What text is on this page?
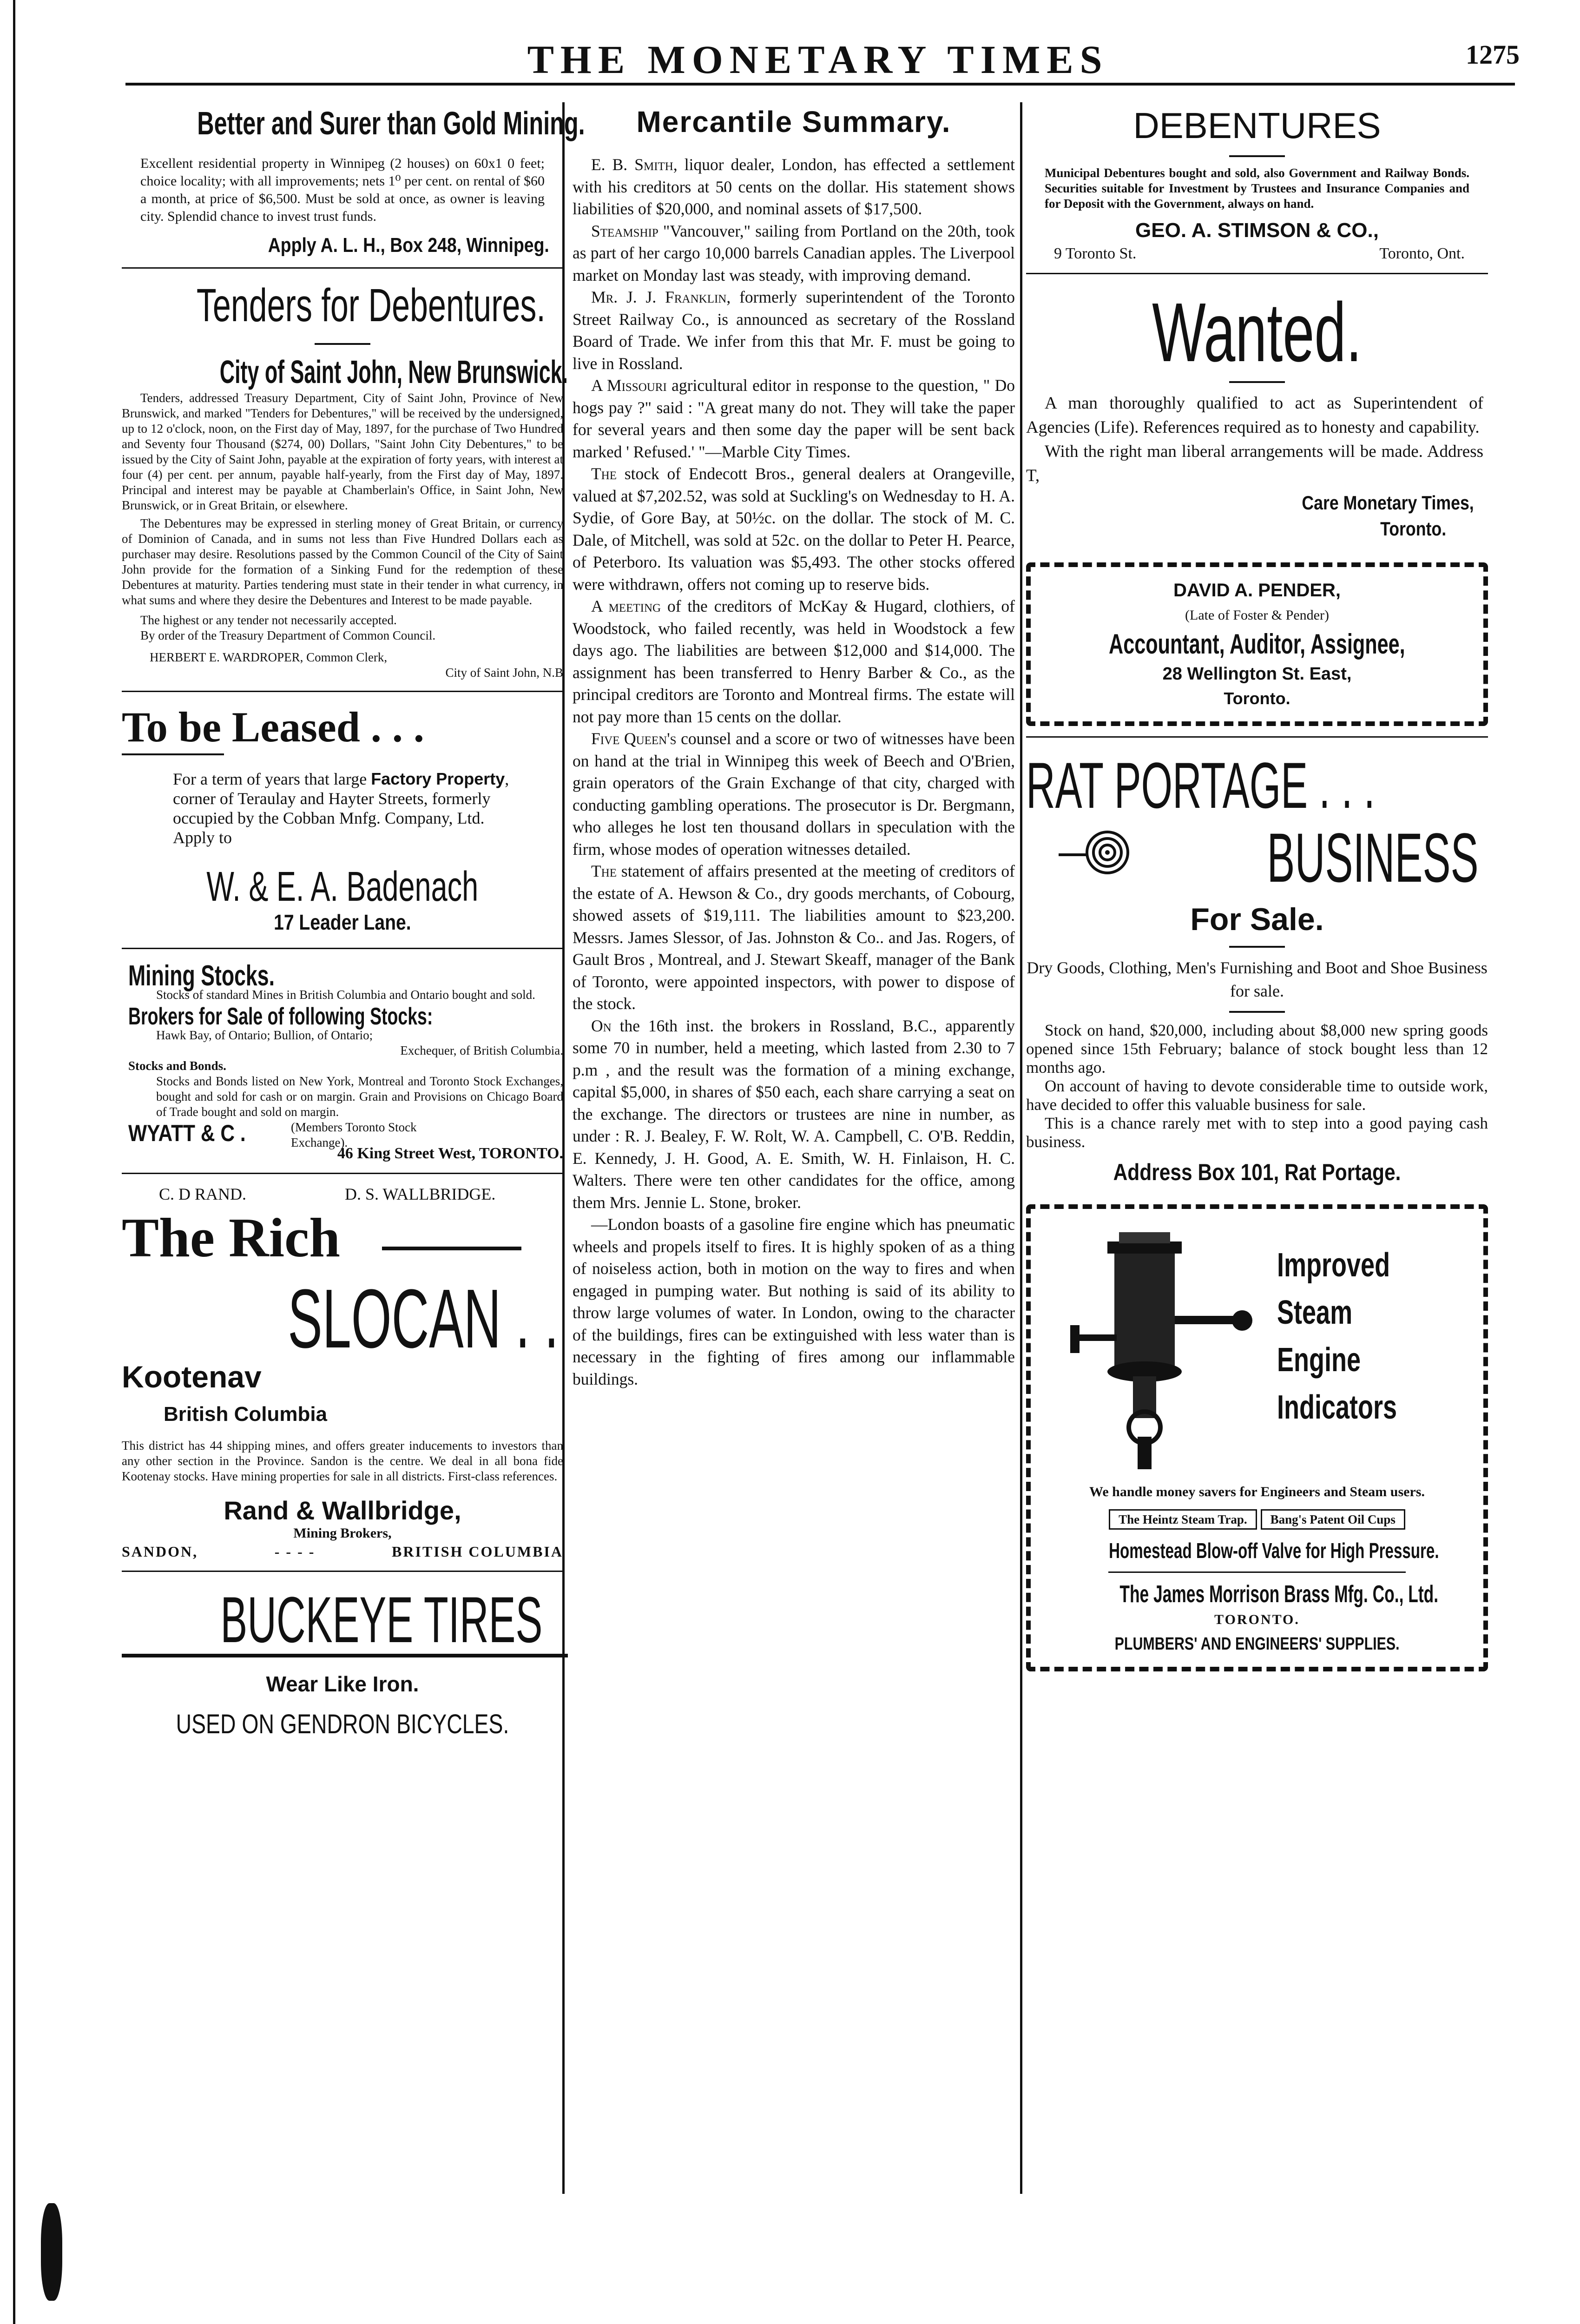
THE MONETARY TIMES	1275
Better and Surer than Gold Mining.

Excellent residential property in Winnipeg (2 houses) on 60x1 0 feet; choice locality; with all improvements; nets 1⁰ per cent. on rental of $60 a month, at price of $6,500. Must be sold at once, as owner is leaving city. Splendid chance to invest trust funds.

Apply A. L. H., Box 248, Winnipeg.
Tenders for Debentures.
City of Saint John, New Brunswick.

Tenders, addressed Treasury Department, City of Saint John, Province of New Brunswick, and marked "Tenders for Debentures," will be received by the undersigned, up to 12 o'clock, noon, on the First day of May, 1897, for the purchase of Two Hundred and Seventy four Thousand ($274, 00) Dollars, "Saint John City Debentures," to be issued by the City of Saint John, payable at the expiration of forty years, with interest at four (4) per cent. per annum, payable half-yearly, from the First day of May, 1897. Principal and interest may be payable at Chamberlain's Office, in Saint John, New Brunswick, or in Great Britain, or elsewhere.

The Debentures may be expressed in sterling money of Great Britain, or currency of Dominion of Canada, and in sums not less than Five Hundred Dollars each as purchaser may desire. Resolutions passed by the Common Council of the City of Saint John provide for the formation of a Sinking Fund for the redemption of these Debentures at maturity. Parties tendering must state in their tender in what currency, in what sums and where they desire the Debentures and Interest to be made payable.

The highest or any tender not necessarily accepted.

By order of the Treasury Department of Common Council.

HERBERT E. WARDROPER, Common Clerk,

City of Saint John, N.B

To be Leased . . .

For a term of years that large Factory Property, corner of Teraulay and Hayter Streets, formerly occupied by the Cobban Mnfg. Company, Ltd. Apply to

W. & E. A. Badenach
17 Leader Lane.
Mining Stocks.

Stocks of standard Mines in British Columbia and Ontario bought and sold.

Brokers for Sale of following Stocks:

Hawk Bay, of Ontario; Bullion, of Ontario;

Exchequer, of British Columbia.

Stocks and Bonds.

Stocks and Bonds listed on New York, Montreal and Toronto Stock Exchanges, bought and sold for cash or on margin. Grain and Provisions on Chicago Board of Trade bought and sold on margin.

WYATT & C .	(Members Toronto Stock Exchange).
46 King Street West, TORONTO.
C. D RAND.	D. S. WALLBRIDGE.
The Rich
SLOCAN . .
Kootenav
British Columbia

This district has 44 shipping mines, and offers greater inducements to investors than any other section in the Province. Sandon is the centre. We deal in all bona fide Kootenay stocks. Have mining properties for sale in all districts. First-class references.

Rand & Wallbridge,
Mining Brokers,
SANDON,	- - - -	BRITISH COLUMBIA
BUCKEYE TIRES
Wear Like Iron.
USED ON GENDRON BICYCLES.
Mercantile Summary.

E. B. Smith, liquor dealer, London, has effected a settlement with his creditors at 50 cents on the dollar. His statement shows liabilities of $20,000, and nominal assets of $17,500.

Steamship "Vancouver," sailing from Portland on the 20th, took as part of her cargo 10,000 barrels Canadian apples. The Liverpool market on Monday last was steady, with improving demand.

Mr. J. J. Franklin, formerly superintendent of the Toronto Street Railway Co., is announced as secretary of the Rossland Board of Trade. We infer from this that Mr. F. must be going to live in Rossland.

A Missouri agricultural editor in response to the question, " Do hogs pay ?" said : "A great many do not. They will take the paper for several years and then some day the paper will be sent back marked ' Refused.' "—Marble City Times.

The stock of Endecott Bros., general dealers at Orangeville, valued at $7,202.52, was sold at Suckling's on Wednesday to H. A. Sydie, of Gore Bay, at 50½c. on the dollar. The stock of M. C. Dale, of Mitchell, was sold at 52c. on the dollar to Peter H. Pearce, of Peterboro. Its valuation was $5,493. The other stocks offered were withdrawn, offers not coming up to reserve bids.

A meeting of the creditors of McKay & Hugard, clothiers, of Woodstock, who failed recently, was held in Woodstock a few days ago. The liabilities are between $12,000 and $14,000. The assignment has been transferred to Henry Barber & Co., as the principal creditors are Toronto and Montreal firms. The estate will not pay more than 15 cents on the dollar.

Five Queen's counsel and a score or two of witnesses have been on hand at the trial in Winnipeg this week of Beech and O'Brien, grain operators of the Grain Exchange of that city, charged with conducting gambling operations. The prosecutor is Dr. Bergmann, who alleges he lost ten thousand dollars in speculation with the firm, whose modes of operation witnesses detailed.

The statement of affairs presented at the meeting of creditors of the estate of A. Hewson & Co., dry goods merchants, of Cobourg, showed assets of $19,111. The liabilities amount to $23,200. Messrs. James Slessor, of Jas. Johnston & Co.. and Jas. Rogers, of Gault Bros , Montreal, and J. Stewart Skeaff, manager of the Bank of Toronto, were appointed inspectors, with power to dispose of the stock.

On the 16th inst. the brokers in Rossland, B.C., apparently some 70 in number, held a meeting, which lasted from 2.30 to 7 p.m , and the result was the formation of a mining exchange, capital $5,000, in shares of $50 each, each share carrying a seat on the exchange. The directors or trustees are nine in number, as under : R. J. Bealey, F. W. Rolt, W. A. Campbell, C. O'B. Reddin, E. Kennedy, J. H. Good, A. E. Smith, W. H. Finlaison, H. C. Walters. There were ten other candidates for the office, among them Mrs. Jennie L. Stone, broker.

—London boasts of a gasoline fire engine which has pneumatic wheels and propels itself to fires. It is highly spoken of as a thing of noiseless action, both in motion on the way to fires and when engaged in pumping water. But nothing is said of its ability to throw large volumes of water. In London, owing to the character of the buildings, fires can be extinguished with less water than is necessary in the fighting of fires among our inflammable buildings.

DEBENTURES

Municipal Debentures bought and sold, also Government and Railway Bonds. Securities suitable for Investment by Trustees and Insurance Companies and for Deposit with the Government, always on hand.

GEO. A. STIMSON & CO.,
9 Toronto St.	Toronto, Ont.
Wanted.

A man thoroughly qualified to act as Superintendent of Agencies (Life). References required as to honesty and capability.

With the right man liberal arrangements will be made. Address T,

Care Monetary Times,
Toronto.
DAVID A. PENDER,
(Late of Foster & Pender)
Accountant, Auditor, Assignee,
28 Wellington St. East,
Toronto.
RAT PORTAGE . . .
BUSINESS
For Sale.

Dry Goods, Clothing, Men's Furnishing and Boot and Shoe Business for sale.

Stock on hand, $20,000, including about $8,000 new spring goods opened since 15th February; balance of stock bought less than 12 months ago.

On account of having to devote considerable time to outside work, have decided to offer this valuable business for sale.

This is a chance rarely met with to step into a good paying cash business.

Address Box 101, Rat Portage.
Improved
Steam
Engine
Indicators
We handle money savers for Engineers and Steam users.
The Heintz Steam Trap. Bang's Patent Oil Cups
Homestead Blow-off Valve for High Pressure.
The James Morrison Brass Mfg. Co., Ltd.
TORONTO.
PLUMBERS' AND ENGINEERS' SUPPLIES.
